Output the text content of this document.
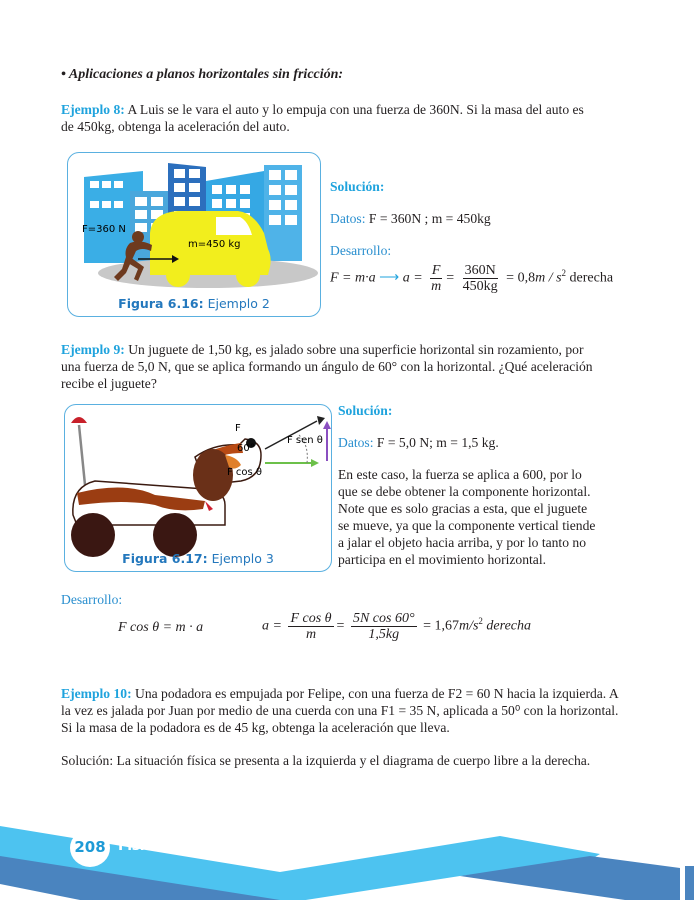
• Aplicaciones a planos horizontales sin fricción:
Ejemplo 8: A Luis se le vara el auto y lo empuja con una fuerza de 360N. Si la masa del auto es
de 450kg, obtenga la aceleración del auto.
F=360 N
m=450 kg
Figura 6.16: Ejemplo 2
Solución:
Datos: F = 360N ; m = 450kg
Desarrollo:
F = m·a ⟶ $a = \frac{F}{m} = \frac{360N}{450kg} = 0,8m / s^2$ derecha
Ejemplo 9: Un juguete de 1,50 kg, es jalado sobre una superficie horizontal sin rozamiento, por
una fuerza de 5,0 N, que se aplica formando un ángulo de 60° con la horizontal. ¿Qué aceleración
recibe el juguete?
F
60°
F sen θ
F cos θ
Figura 6.17: Ejemplo 3
Solución:
Datos: F = 5,0 N; m = 1,5 kg.
En este caso, la fuerza se aplica a 600, por lo
que se debe obtener la componente horizontal.
Note que es solo gracias a esta, que el juguete
se mueve, ya que la componente vertical tiende
a jalar el objeto hacia arriba, y por lo tanto no
participa en el movimiento horizontal.
Desarrollo:
F cos θ = m · a	$a = \frac{\text{F cos θ}}{m} = \frac{\text{5N cos 60°}}{1,5kg} = 1,67m/s^2$ derecha
Ejemplo 10: Una podadora es empujada por Felipe, con una fuerza de F2 = 60 N hacia la izquierda. A
la vez es jalada por Juan por medio de una cuerda con una F1 = 35 N, aplicada a 50⁰ con la horizontal.
Si la masa de la podadora es de 45 kg, obtenga la aceleración que lleva.
Solución: La situación física se presenta a la izquierda y el diagrama de cuerpo libre a la derecha.
208 Física 10º
